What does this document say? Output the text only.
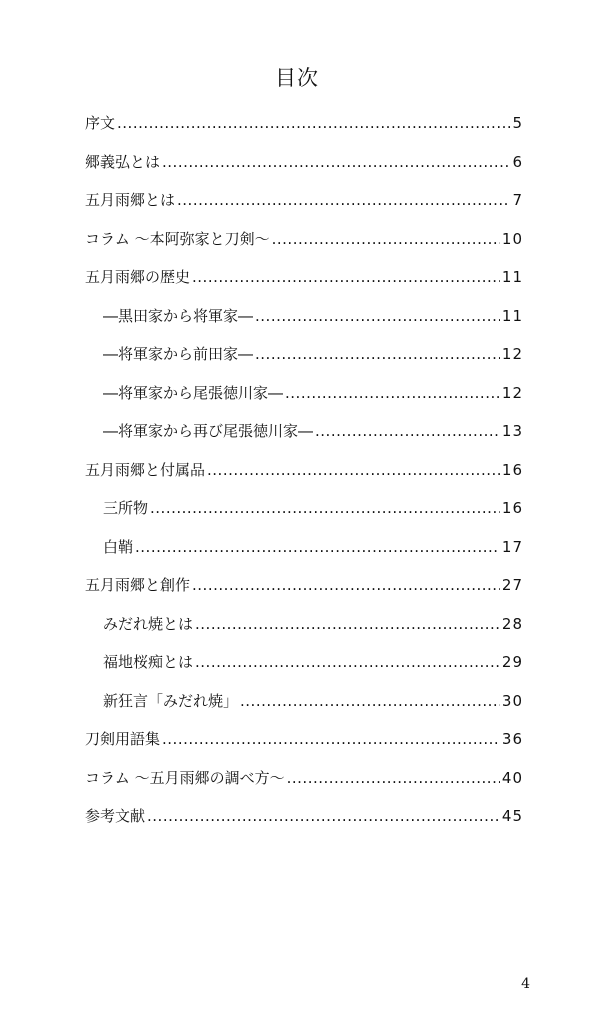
目次
序文 .....	5
郷義弘とは .....	6
五月雨郷とは .....	7
コラム ～本阿弥家と刀剣～ .....	10
五月雨郷の歴史 .....	11
―黒田家から将軍家― .....	11
―将軍家から前田家― .....	12
―将軍家から尾張徳川家― .....	12
―将軍家から再び尾張徳川家― .....	13
五月雨郷と付属品 .....	16
三所物 .....	16
白鞘 .....	17
五月雨郷と創作 .....	27
みだれ焼とは .....	28
福地桜痴とは .....	29
新狂言「みだれ焼」 .....	30
刀剣用語集 .....	36
コラム ～五月雨郷の調べ方～ .....	40
参考文献 .....	45
4
